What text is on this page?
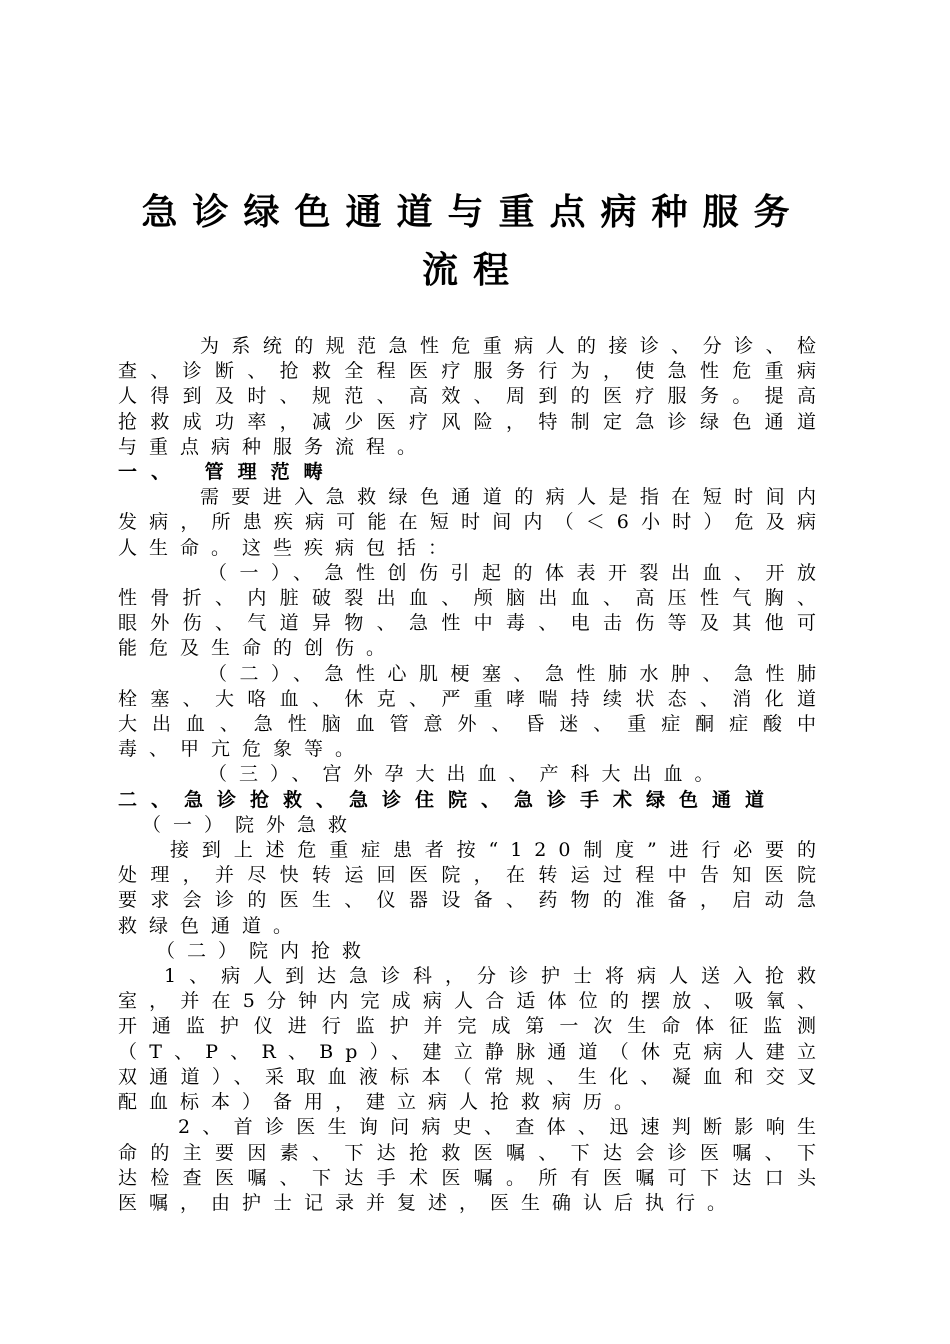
急诊绿色通道与重点病种服务流程

为系统的规范急性危重病人的接诊、分诊、检查、诊断、抢救全程医疗服务行为，使急性危重病人得到及时、规范、高效、周到的医疗服务。提高抢救成功率，减少医疗风险，特制定急诊绿色通道与重点病种服务流程。

一、 管理范畴

需要进入急救绿色通道的病人是指在短时间内发病，所患疾病可能在短时间内（＜6小时）危及病人生命。这些疾病包括：

（一）、急性创伤引起的体表开裂出血、开放性骨折、内脏破裂出血、颅脑出血、高压性气胸、眼外伤、气道异物、急性中毒、电击伤等及其他可能危及生命的创伤。

（二）、急性心肌梗塞、急性肺水肿、急性肺栓塞、大咯血、休克、严重哮喘持续状态、消化道大出血、急性脑血管意外、昏迷、重症酮症酸中毒、甲亢危象等。

（三）、宫外孕大出血、产科大出血。

二、急诊抢救、急诊住院、急诊手术绿色通道

（一）院外急救

接到上述危重症患者按“120制度”进行必要的处理，并尽快转运回医院，在转运过程中告知医院要求会诊的医生、仪器设备、药物的准备，启动急救绿色通道。

（二）院内抢救

1、病人到达急诊科，分诊护士将病人送入抢救室，并在5分钟内完成病人合适体位的摆放、吸氧、开通监护仪进行监护并完成第一次生命体征监测（T、P、R、Bp）、建立静脉通道（休克病人建立双通道）、采取血液标本（常规、生化、凝血和交叉配血标本）备用，建立病人抢救病历。

2、首诊医生询问病史、查体、迅速判断影响生命的主要因素、下达抢救医嘱、下达会诊医嘱、下达检查医嘱、下达手术医嘱。所有医嘱可下达口头医嘱，由护士记录并复述，医生确认后执行。
